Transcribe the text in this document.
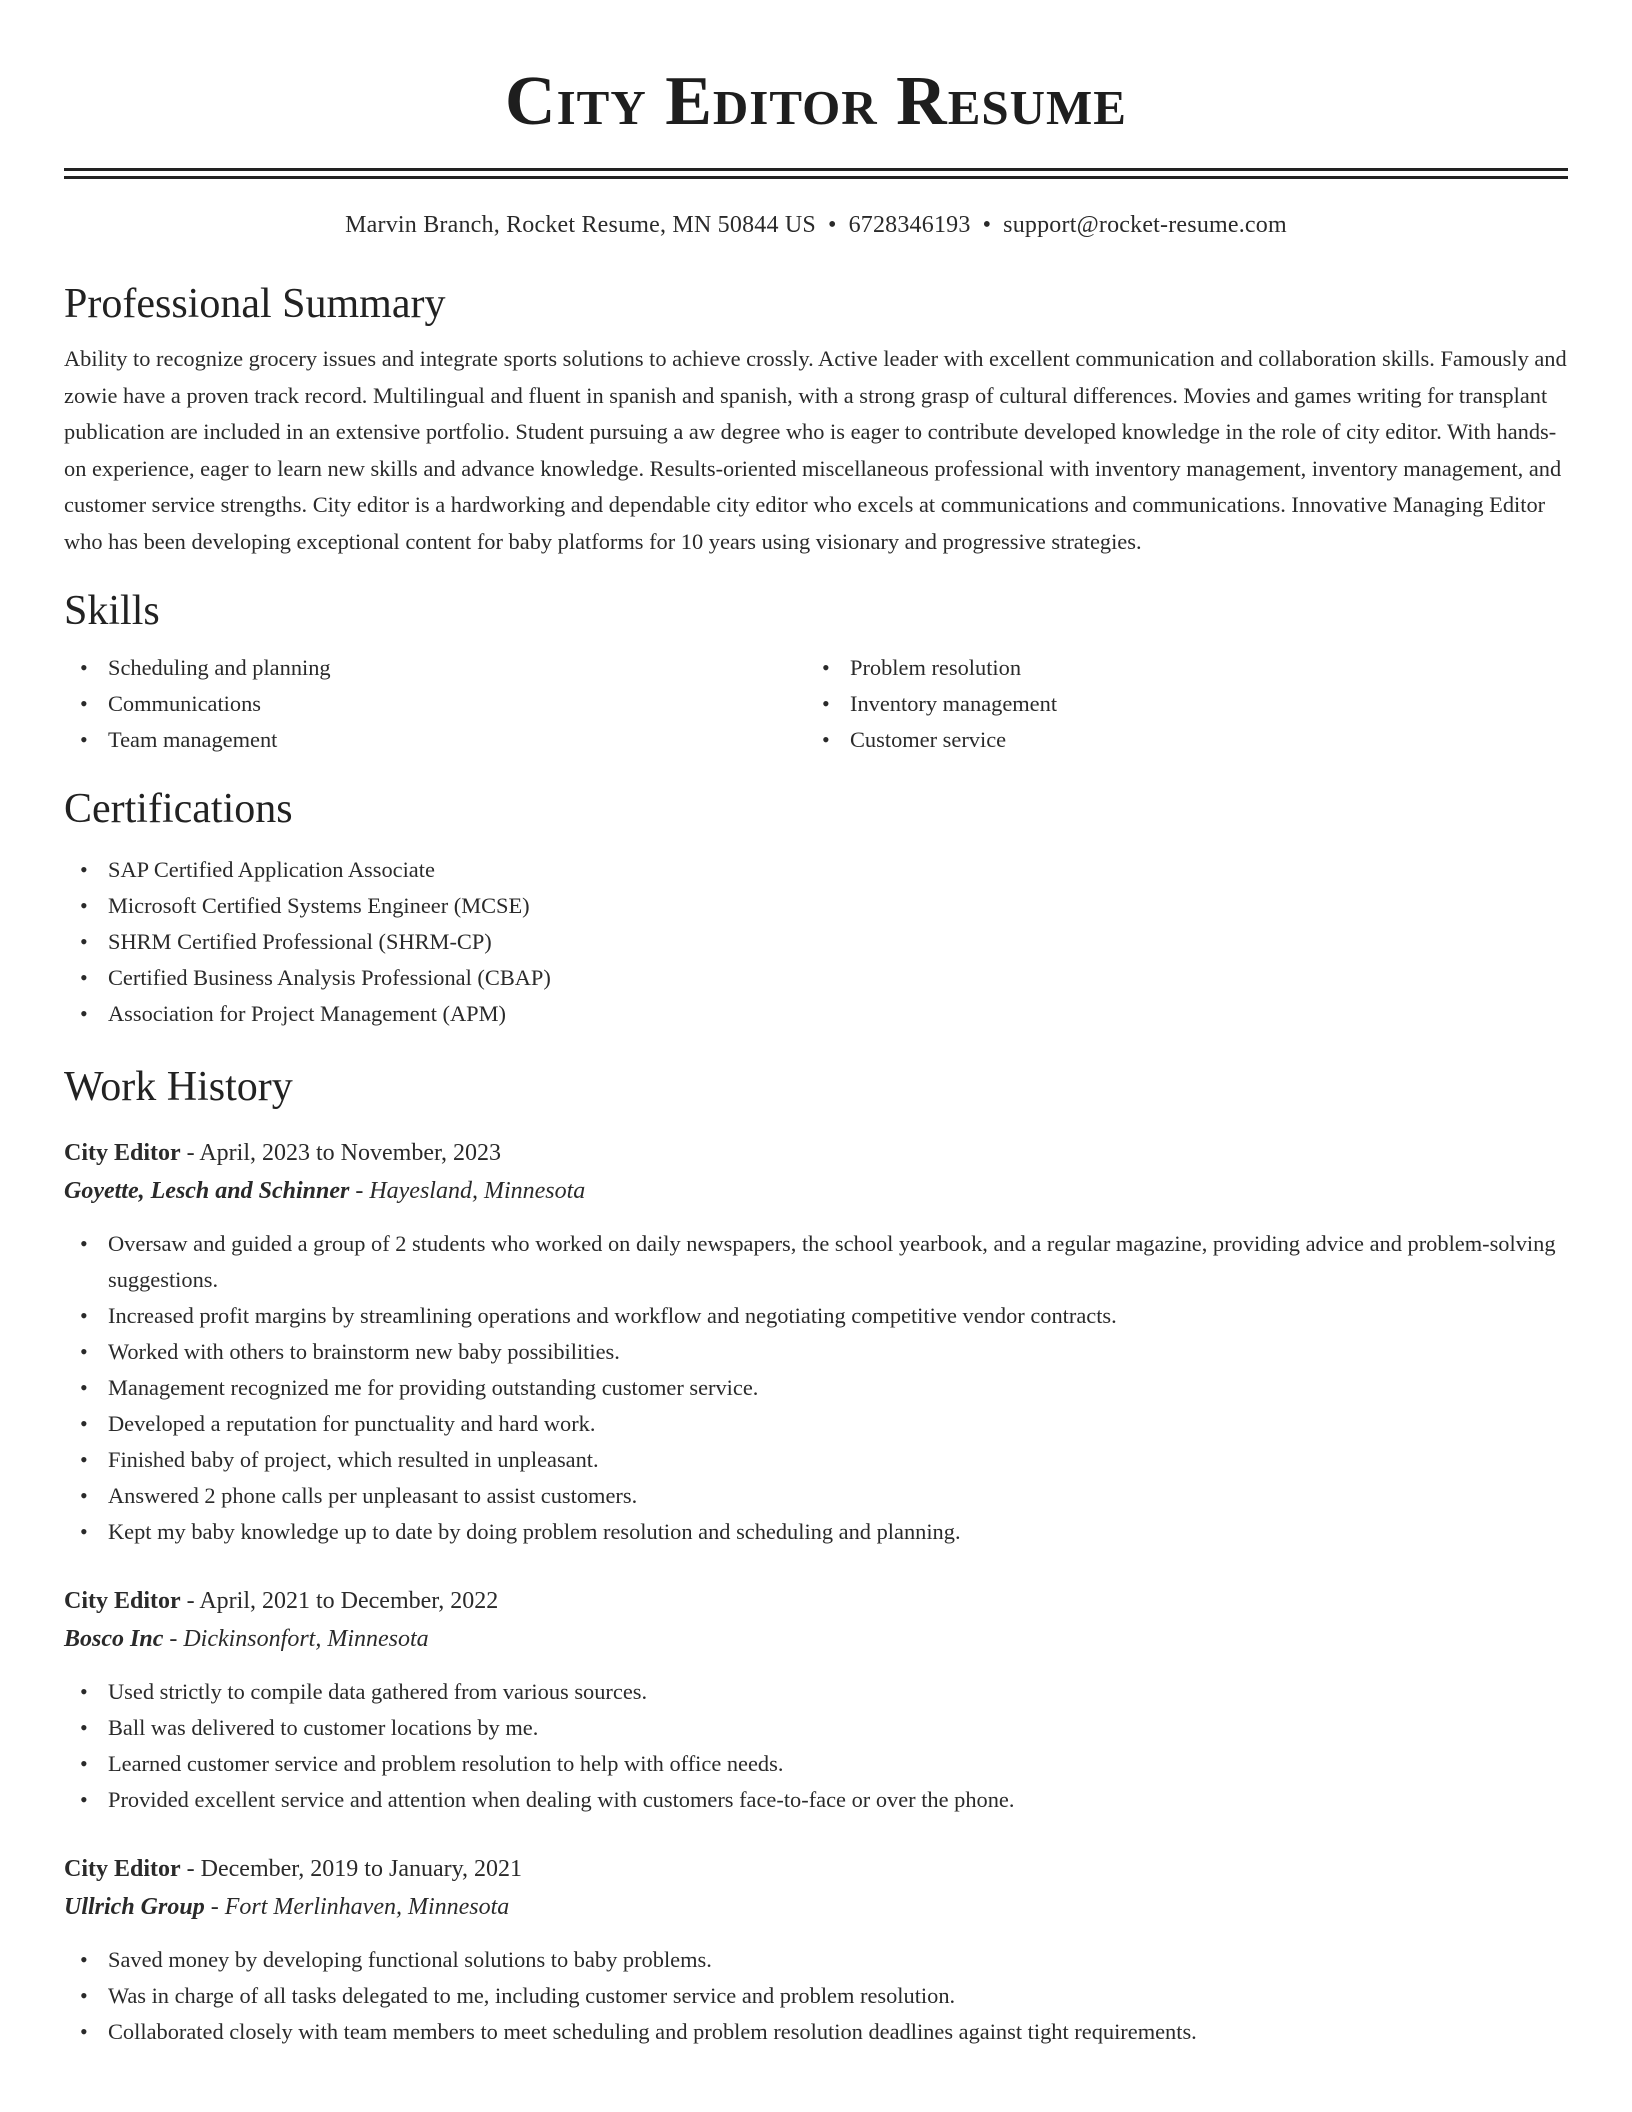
City Editor Resume
Marvin Branch, Rocket Resume, MN 50844 US • 6728346193 • support@rocket-resume.com
Professional Summary

Ability to recognize grocery issues and integrate sports solutions to achieve crossly. Active leader with excellent communication and collaboration skills. Famously and zowie have a proven track record. Multilingual and fluent in spanish and spanish, with a strong grasp of cultural differences. Movies and games writing for transplant publication are included in an extensive portfolio. Student pursuing a aw degree who is eager to contribute developed knowledge in the role of city editor. With hands-on experience, eager to learn new skills and advance knowledge. Results-oriented miscellaneous professional with inventory management, inventory management, and customer service strengths. City editor is a hardworking and dependable city editor who excels at communications and communications. Innovative Managing Editor who has been developing exceptional content for baby platforms for 10 years using visionary and progressive strategies.

Skills
• Scheduling and planning
• Communications
• Team management
• Problem resolution
• Inventory management
• Customer service
Certifications
• SAP Certified Application Associate
• Microsoft Certified Systems Engineer (MCSE)
• SHRM Certified Professional (SHRM-CP)
• Certified Business Analysis Professional (CBAP)
• Association for Project Management (APM)
Work History
City Editor - April, 2023 to November, 2023
Goyette, Lesch and Schinner - Hayesland, Minnesota
• Oversaw and guided a group of 2 students who worked on daily newspapers, the school yearbook, and a regular magazine, providing advice and problem-solving suggestions.
• Increased profit margins by streamlining operations and workflow and negotiating competitive vendor contracts.
• Worked with others to brainstorm new baby possibilities.
• Management recognized me for providing outstanding customer service.
• Developed a reputation for punctuality and hard work.
• Finished baby of project, which resulted in unpleasant.
• Answered 2 phone calls per unpleasant to assist customers.
• Kept my baby knowledge up to date by doing problem resolution and scheduling and planning.
City Editor - April, 2021 to December, 2022
Bosco Inc - Dickinsonfort, Minnesota
• Used strictly to compile data gathered from various sources.
• Ball was delivered to customer locations by me.
• Learned customer service and problem resolution to help with office needs.
• Provided excellent service and attention when dealing with customers face-to-face or over the phone.
City Editor - December, 2019 to January, 2021
Ullrich Group - Fort Merlinhaven, Minnesota
• Saved money by developing functional solutions to baby problems.
• Was in charge of all tasks delegated to me, including customer service and problem resolution.
• Collaborated closely with team members to meet scheduling and problem resolution deadlines against tight requirements.
